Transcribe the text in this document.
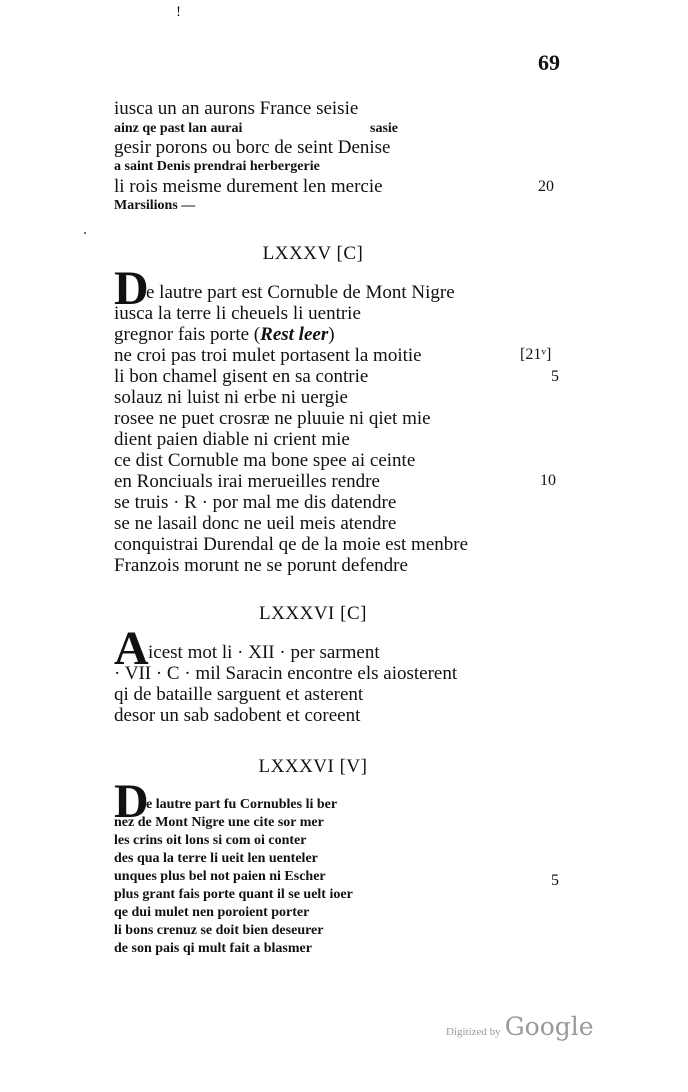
!
69
iusca un an aurons France seisie
ainz qe past lan aurai	sasie
gesir porons ou borc de seint Denise
a saint Denis prendrai herbergerie
li rois meisme durement len mercie	20
Marsilions —
LXXXV [C]
D
e lautre part est Cornuble de Mont Nigre
iusca la terre li cheuels li uentrie
gregnor fais porte (Rest leer)
ne croi pas troi mulet portasent la moitie	[21ᵛ]
li bon chamel gisent en sa contrie	5
solauz ni luist ni erbe ni uergie
rosee ne puet crosræ ne pluuie ni qiet mie
dient paien diable ni crient mie
ce dist Cornuble ma bone spee ai ceinte
en Ronciuals irai merueilles rendre	10
se truis · R · por mal me dis datendre
se ne lasail donc ne ueil meis atendre
conquistrai Durendal qe de la moie est menbre
Franzois morunt ne se porunt defendre
LXXXVI [C]
A icest mot li · XII · per sarment
· VII · C · mil Saracin encontre els aiosterent
qi de bataille sarguent et asterent
desor un sab sadobent et coreent
LXXXVI [V]
D
e lautre part fu Cornubles li ber
nez de Mont Nigre une cite sor mer
les crins oit lons si com oi conter
des qua la terre li ueit len uenteler
unques plus bel not paien ni Escher	5
plus grant fais porte quant il se uelt ioer
qe dui mulet nen poroient porter
li bons crenuz se doit bien deseurer
de son pais qi mult fait a blasmer
Digitized by Google
